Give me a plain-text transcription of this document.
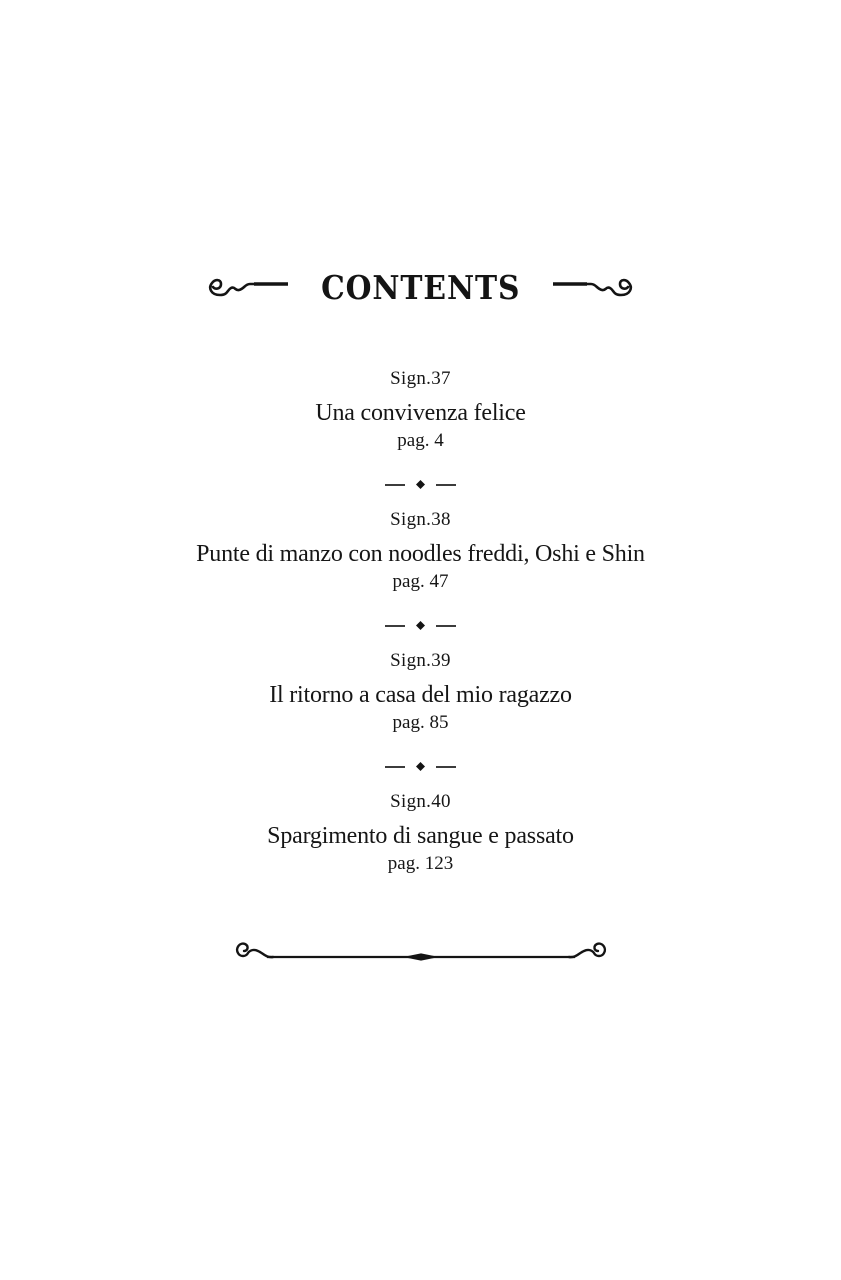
CONTENTS
Sign.37
Una convivenza felice
pag. 4
Sign.38
Punte di manzo con noodles freddi, Oshi e Shin
pag. 47
Sign.39
Il ritorno a casa del mio ragazzo
pag. 85
Sign.40
Spargimento di sangue e passato
pag. 123
